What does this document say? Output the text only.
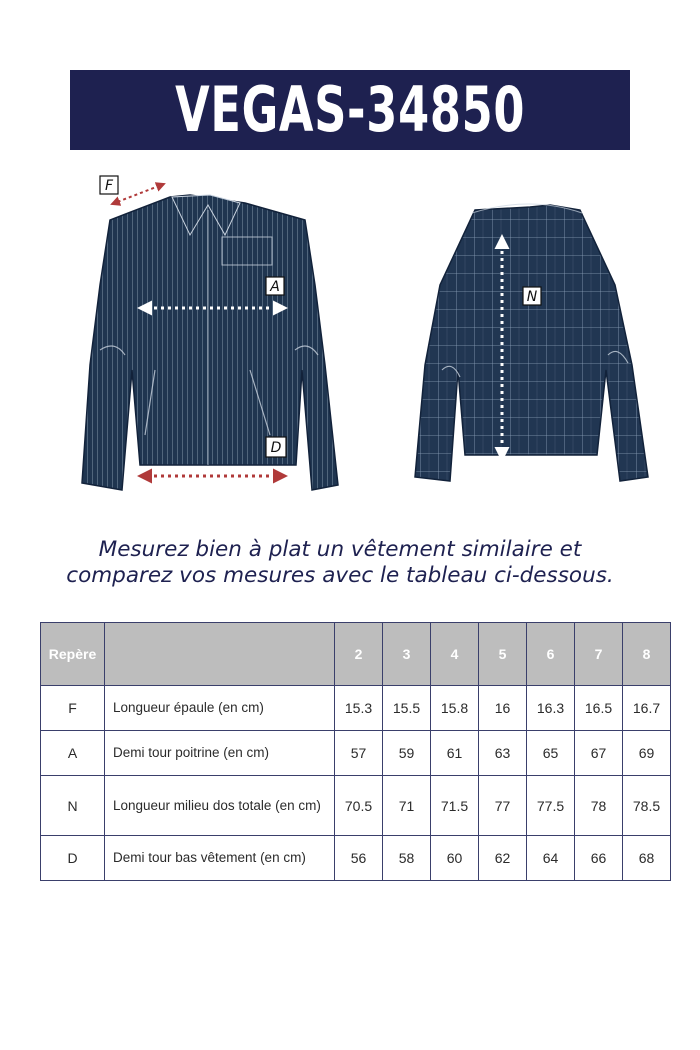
VEGAS-34850
F
A
D
N
Mesurez bien à plat un vêtement similaire et
comparez vos mesures avec le tableau ci-dessous.
Repère		2	3	4	5	6	7	8
F	Longueur épaule (en cm)	15.3	15.5	15.8	16	16.3	16.5	16.7
A	Demi tour poitrine (en cm)	57	59	61	63	65	67	69
N	Longueur milieu dos totale (en cm)	70.5	71	71.5	77	77.5	78	78.5
D	Demi tour bas vêtement (en cm)	56	58	60	62	64	66	68
